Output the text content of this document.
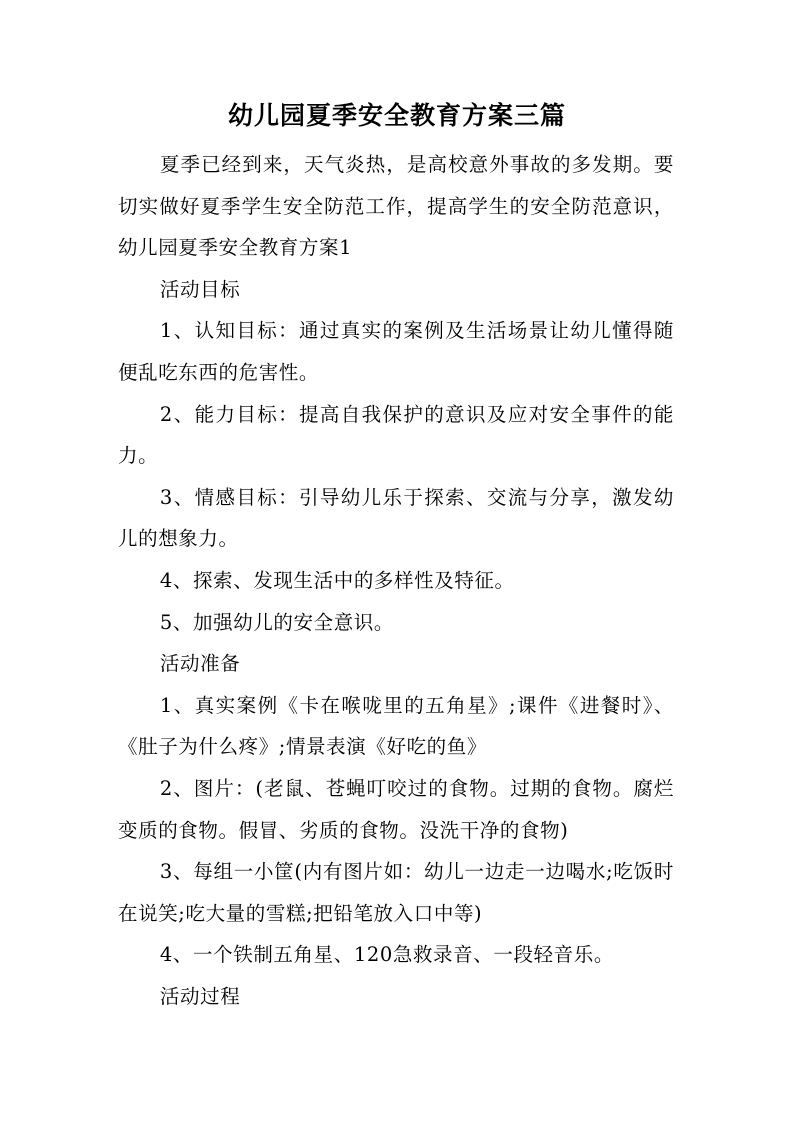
幼儿园夏季安全教育方案三篇

夏季已经到来，天气炎热，是高校意外事故的多发期。要切实做好夏季学生安全防范工作，提高学生的安全防范意识，幼儿园夏季安全教育方案1

活动目标

1、认知目标：通过真实的案例及生活场景让幼儿懂得随便乱吃东西的危害性。

2、能力目标：提高自我保护的意识及应对安全事件的能力。

3、情感目标：引导幼儿乐于探索、交流与分享，激发幼儿的想象力。

4、探索、发现生活中的多样性及特征。

5、加强幼儿的安全意识。

活动准备

1、真实案例《卡在喉咙里的五角星》;课件《进餐时》、《肚子为什么疼》;情景表演《好吃的鱼》

2、图片：(老鼠、苍蝇叮咬过的食物。过期的食物。腐烂变质的食物。假冒、劣质的食物。没洗干净的食物)

3、每组一小筐(内有图片如：幼儿一边走一边喝水;吃饭时在说笑;吃大量的雪糕;把铅笔放入口中等)

4、一个铁制五角星、120急救录音、一段轻音乐。

活动过程
